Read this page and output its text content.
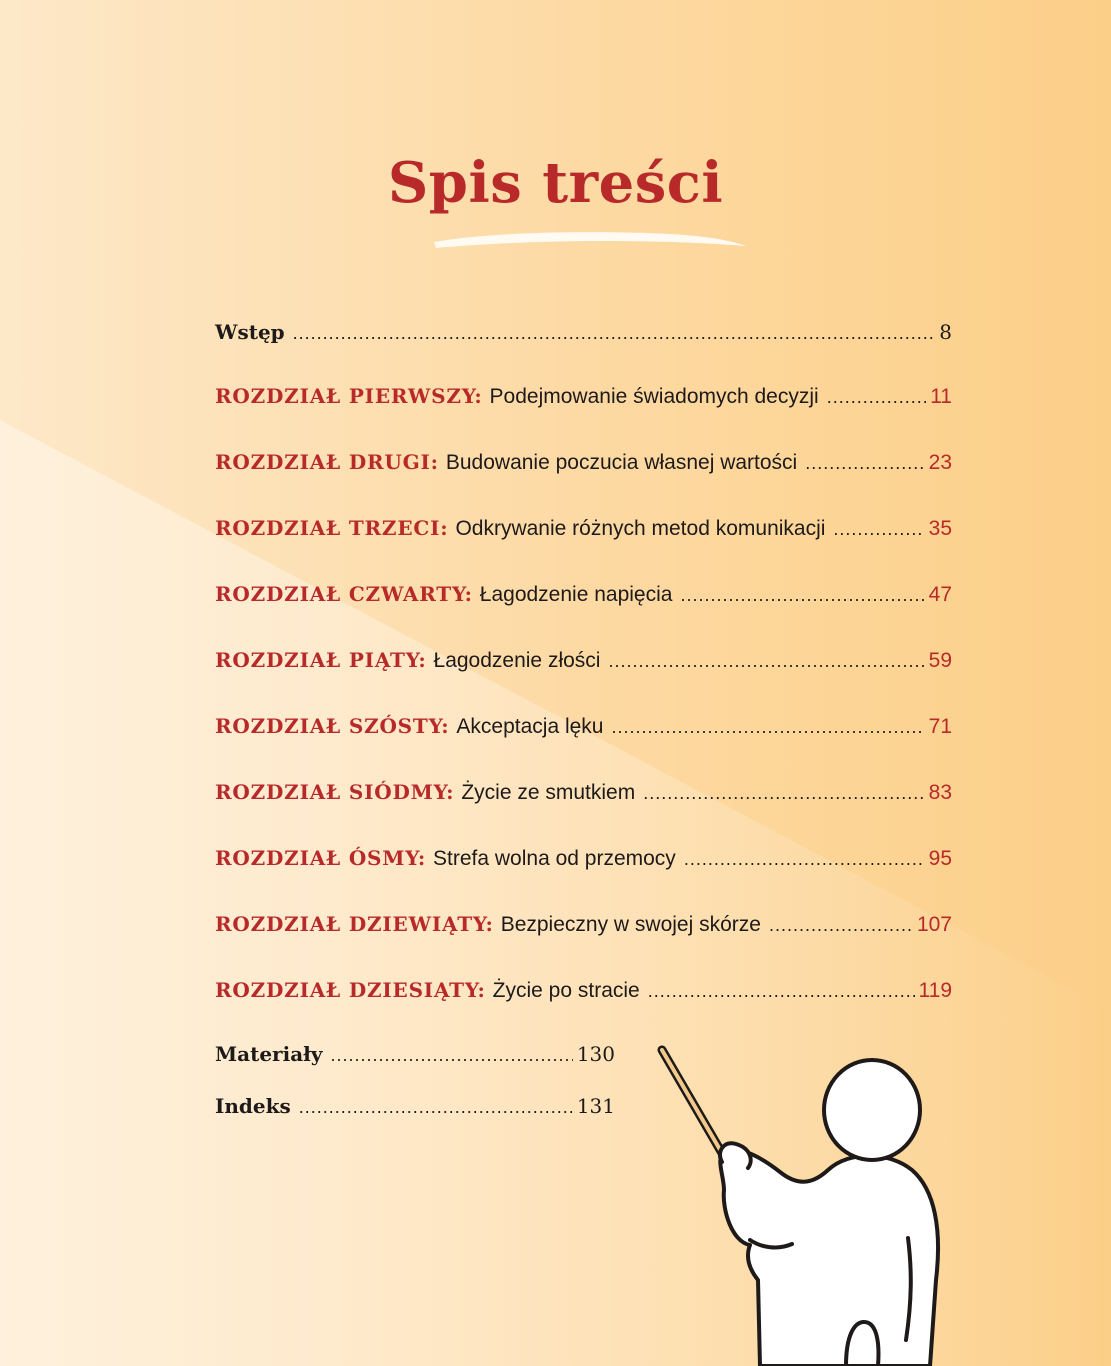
Spis treści
Wstęp .....	8
ROZDZIAŁ PIERWSZY: Podejmowanie świadomych decyzji .....	11
ROZDZIAŁ DRUGI: Budowanie poczucia własnej wartości .....	23
ROZDZIAŁ TRZECI: Odkrywanie różnych metod komunikacji .....	35
ROZDZIAŁ CZWARTY: Łagodzenie napięcia .....	47
ROZDZIAŁ PIĄTY: Łagodzenie złości .....	59
ROZDZIAŁ SZÓSTY: Akceptacja lęku .....	71
ROZDZIAŁ SIÓDMY: Życie ze smutkiem .....	83
ROZDZIAŁ ÓSMY: Strefa wolna od przemocy .....	95
ROZDZIAŁ DZIEWIĄTY: Bezpieczny w swojej skórze .....	107
ROZDZIAŁ DZIESIĄTY: Życie po stracie .....	119
Materiały .....	130
Indeks .....	131
